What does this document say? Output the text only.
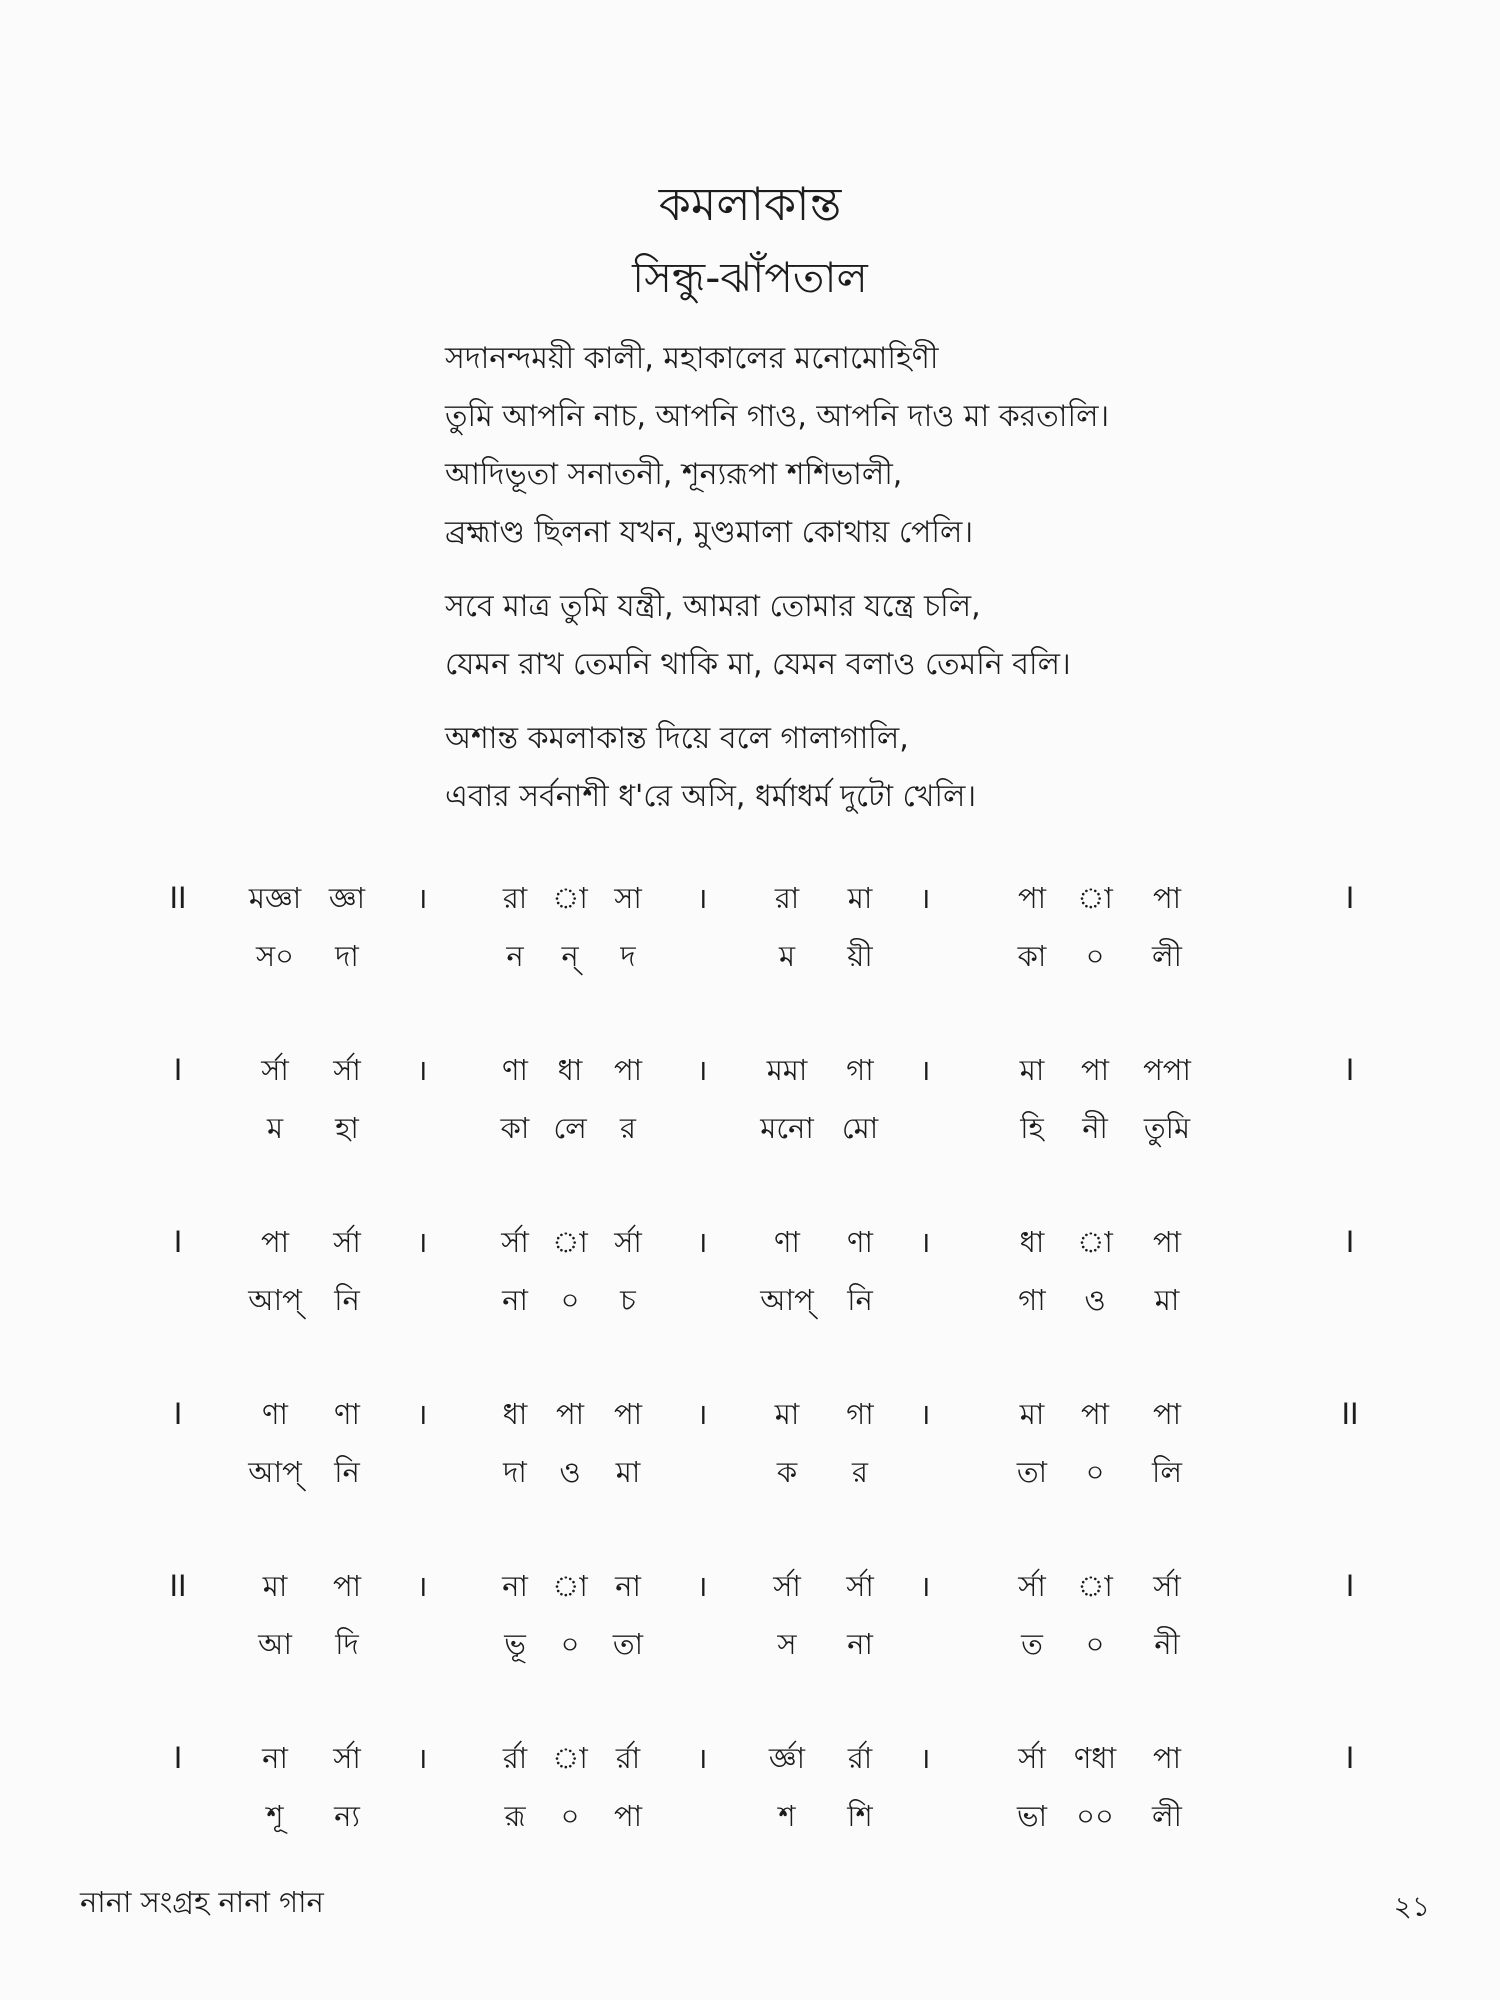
কমলাকান্ত
সিন্ধু-ঝাঁপতাল
সদানন্দময়ী কালী, মহাকালের মনোমোহিণী
তুমি আপনি নাচ, আপনি গাও, আপনি দাও মা করতালি।
আদিভূতা সনাতনী, শূন্যরূপা শশিভালী,
ব্রহ্মাণ্ড ছিলনা যখন, মুণ্ডমালা কোথায় পেলি।
সবে মাত্র তুমি যন্ত্রী, আমরা তোমার যন্ত্রে চলি,
যেমন রাখ তেমনি থাকি মা, যেমন বলাও তেমনি বলি।
অশান্ত কমলাকান্ত দিয়ে বলে গালাগালি,
এবার সর্বনাশী ধ'রে অসি, ধর্মাধর্ম দুটো খেলি।
II মজ্ঞা জ্ঞা ।	রা া সা । রা মা ।	পা া পা	I
স০ দা	ন ন্ দ	ম য়ী	কা ০ লী
I	র্সা র্সা ।	ণা ধা পা । মমা গা ।	মা পা পপা	I
ম হা	কা লে র	মনো মো	হি নী তুমি
I	পা র্সা ।	র্সা া র্সা । ণা ণা ।	ধা া পা	I
আপ্ নি	না ০ চ	আপ্ নি	গা ও মা
I	ণা ণা ।	ধা পা পা । মা গা ।	মা পা পা	II
আপ্ নি	দা ও মা	ক র	তা ০ লি
II	মা পা ।	না া না । র্সা র্সা ।	র্সা া র্সা	I
আ দি	ভূ ০ তা	স না	ত ০ নী
I	না র্সা ।	র্রা া র্রা । র্জ্ঞা র্রা ।	র্সা ণধা পা	I
শূ ন্য	রূ ০ পা	শ শি	ভা ০০ লী
নানা সংগ্রহ নানা গান	২১
